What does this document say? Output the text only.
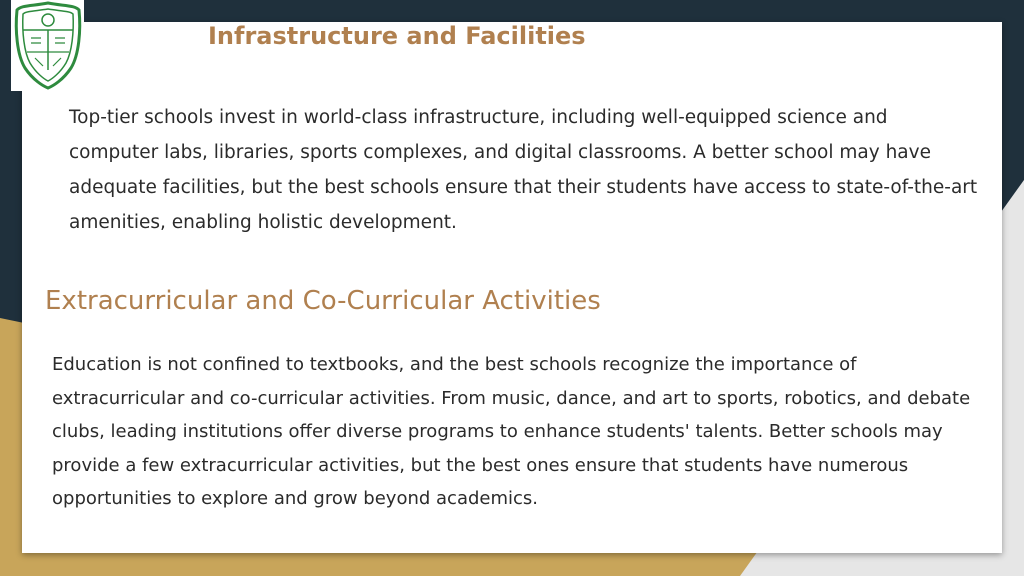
Infrastructure and Facilities

Top-tier schools invest in world-class infrastructure, including well-equipped science and computer labs, libraries, sports complexes, and digital classrooms. A better school may have adequate facilities, but the best schools ensure that their students have access to state-of-the-art amenities, enabling holistic development.

Extracurricular and Co-Curricular Activities

Education is not confined to textbooks, and the best schools recognize the importance of extracurricular and co-curricular activities. From music, dance, and art to sports, robotics, and debate clubs, leading institutions offer diverse programs to enhance students' talents. Better schools may provide a few extracurricular activities, but the best ones ensure that students have numerous opportunities to explore and grow beyond academics.
